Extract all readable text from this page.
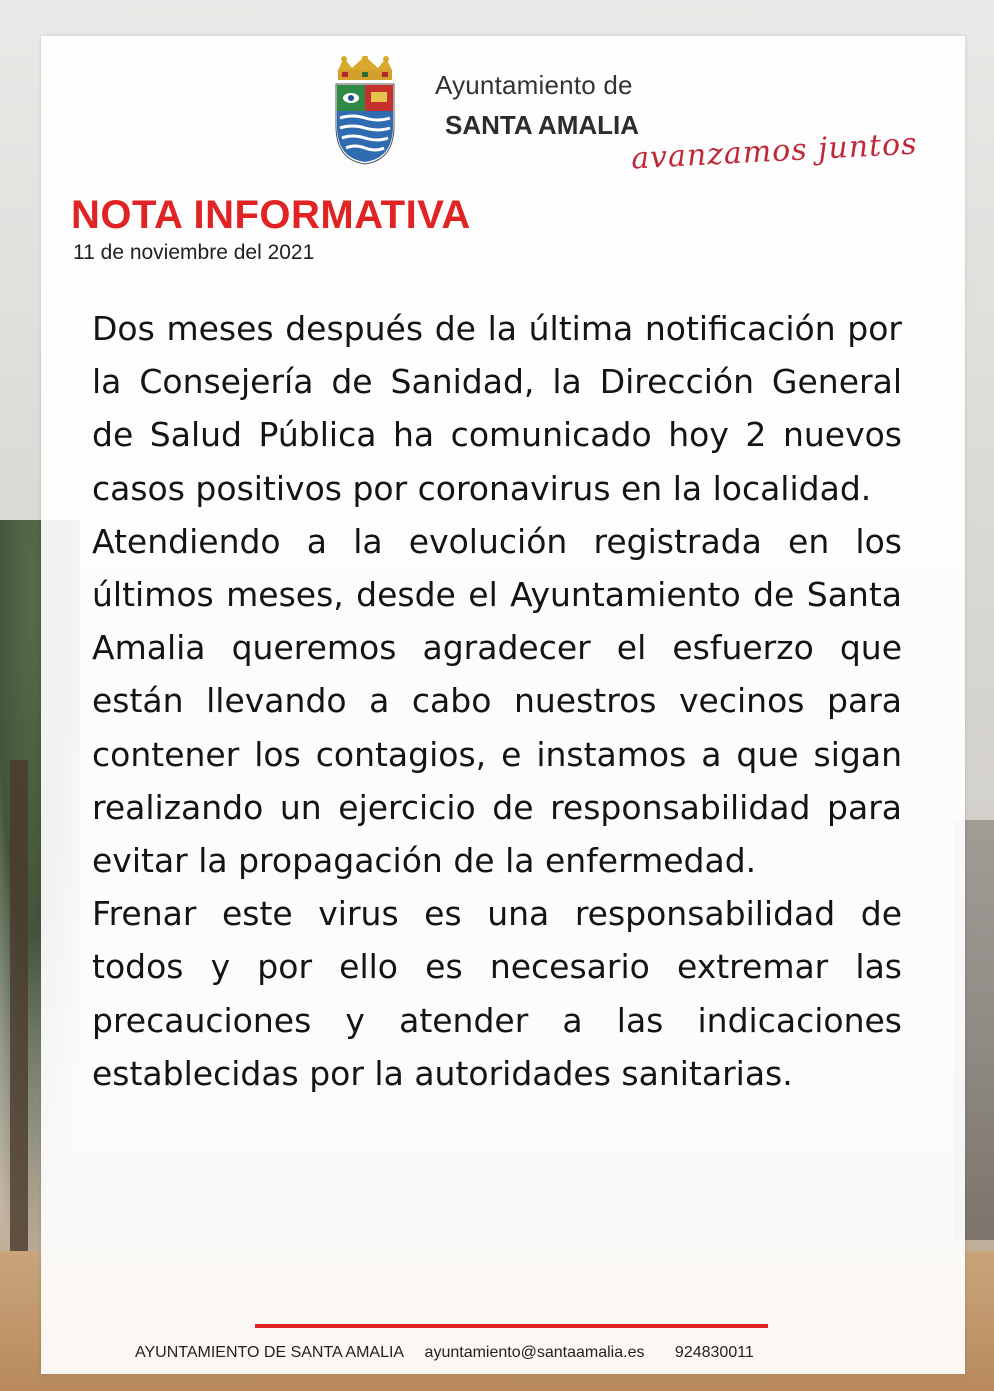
Ayuntamiento de
SANTA AMALIA
avanzamos juntos
NOTA INFORMATIVA
11 de noviembre del 2021

Dos meses después de la última notificación por la Consejería de Sanidad, la Dirección General de Salud Pública ha comunicado hoy 2 nuevos casos positivos por coronavirus en la localidad.

Atendiendo a la evolución registrada en los últimos meses, desde el Ayuntamiento de Santa Amalia queremos agradecer el esfuerzo que están llevando a cabo nuestros vecinos para contener los contagios, e instamos a que sigan realizando un ejercicio de responsabilidad para evitar la propagación de la enfermedad.

Frenar este virus es una responsabilidad de todos y por ello es necesario extremar las precauciones y atender a las indicaciones establecidas por la autoridades sanitarias.

AYUNTAMIENTO DE SANTA AMALIA ayuntamiento@santaamalia.es 924830011
